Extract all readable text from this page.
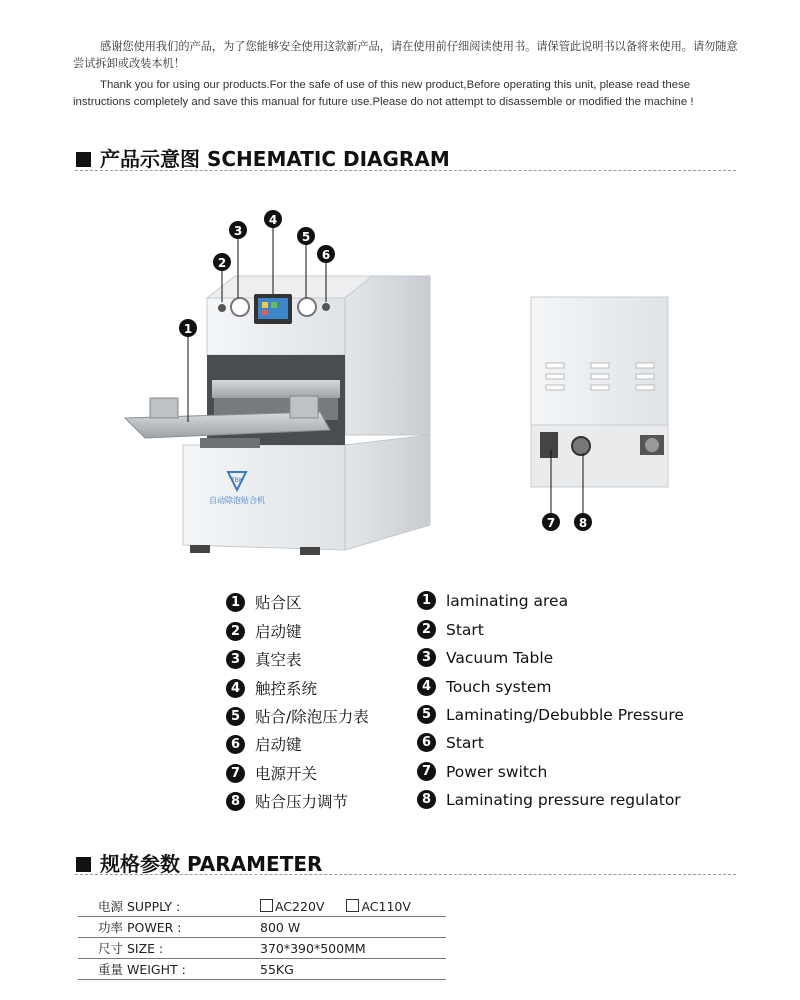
感谢您使用我们的产品，为了您能够安全使用这款新产品，请在使用前仔细阅读使用书。请保管此说明书以备将来使用。请勿随意尝试拆卸或改装本机！

Thank you for using our products.For the safe of use of this new product,Before operating this unit, please read these instructions completely and save this manual for future use.Please do not attempt to disassemble or modified the machine !

产品示意图 SCHEMATIC DIAGRAM
TBK
自动除泡贴合机
1
2
3
4
5
6
7 8
1 贴合区
2 启动键
3 真空表
4 触控系统
5 贴合/除泡压力表
6 启动键
7 电源开关
8 贴合压力调节
1 laminating area
2 Start
3 Vacuum Table
4 Touch system
5 Laminating/Debubble Pressure
6 Start
7 Power switch
8 Laminating pressure regulator
规格参数 PARAMETER
电源 SUPPLY :	AC220V AC110V
功率 POWER :	800 W
尺寸 SIZE :	370*390*500MM
重量 WEIGHT :	55KG
